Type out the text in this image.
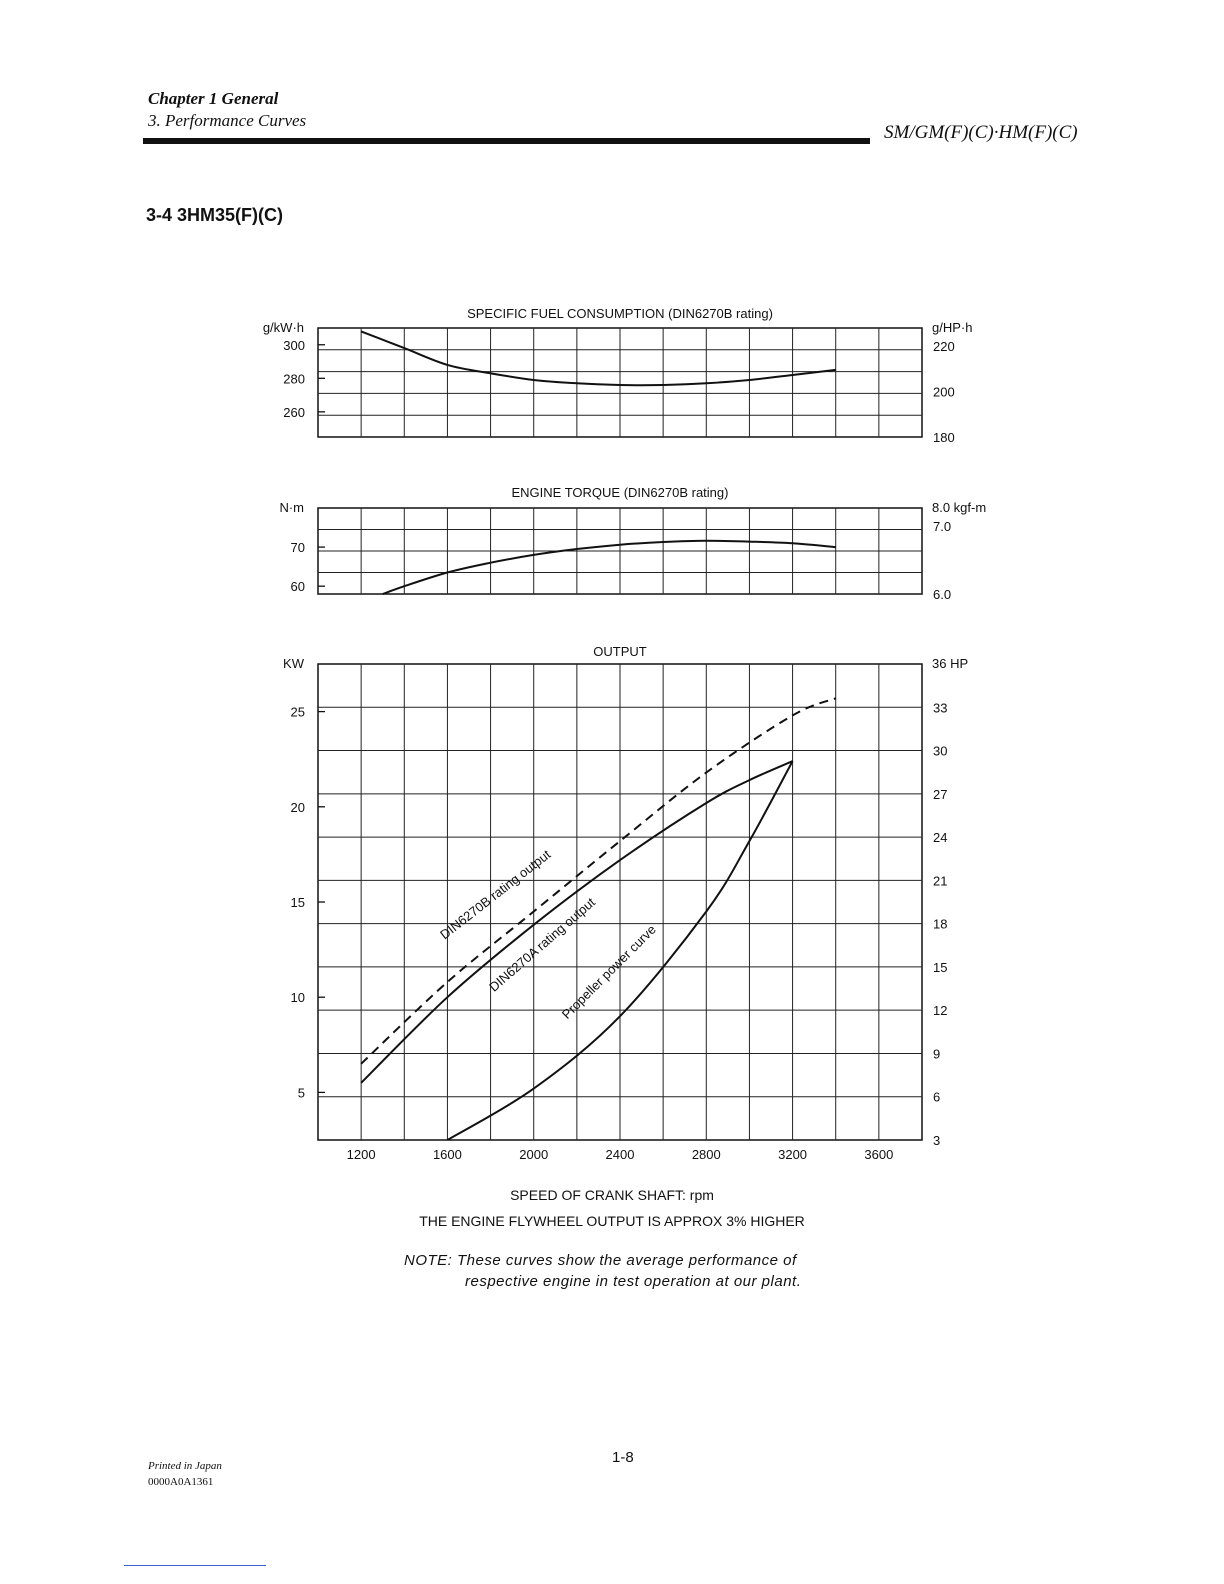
Chapter 1 General
3. Performance Curves
SM/GM(F)(C)·HM(F)(C)
3-4 3HM35(F)(C)
SPECIFIC FUEL CONSUMPTION (DIN6270B rating)
g/kW·h	g/HP·h
300
280
260
220
200
180
ENGINE TORQUE (DIN6270B rating)
N·m	8.0 kgf-m
70
60
7.0
6.0
OUTPUT
KW	36 HP
25
20
15
10
5
33
30
27
24
21
18
15
12
9
6
3
1200	1600	2000	2400	2800	3200	3600
DIN6270B rating output
DIN6270A rating output
Propeller power curve
SPEED OF CRANK SHAFT: rpm
THE ENGINE FLYWHEEL OUTPUT IS APPROX 3% HIGHER
NOTE: These curves show the average performance of
respective engine in test operation at our plant.
1-8
Printed in Japan
0000A0A1361
